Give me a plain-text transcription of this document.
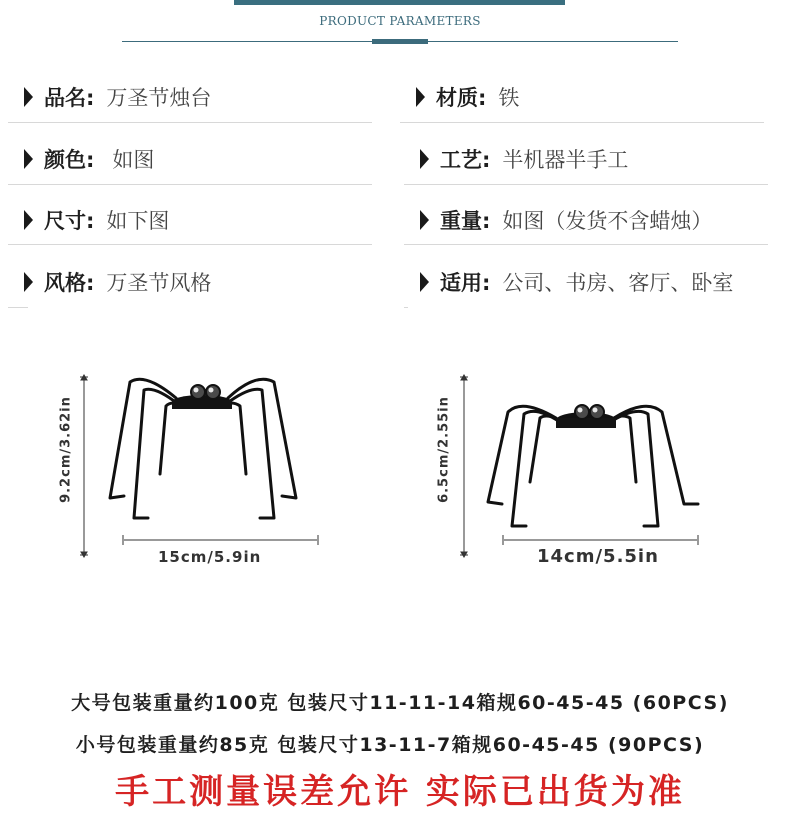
PRODUCT PARAMETERS
品名: 万圣节烛台	材质: 铁
颜色: 如图	工艺: 半机器半手工
尺寸: 如下图	重量: 如图（发货不含蜡烛）
风格: 万圣节风格	适用: 公司、书房、客厅、卧室
9.2cm/3.62in
15cm/5.9in
6.5cm/2.55in
14cm/5.5in
大号包装重量约100克 包装尺寸11-11-14箱规60-45-45 (60PCS)
小号包装重量约85克 包装尺寸13-11-7箱规60-45-45 (90PCS)
手工测量误差允许 实际已出货为准
